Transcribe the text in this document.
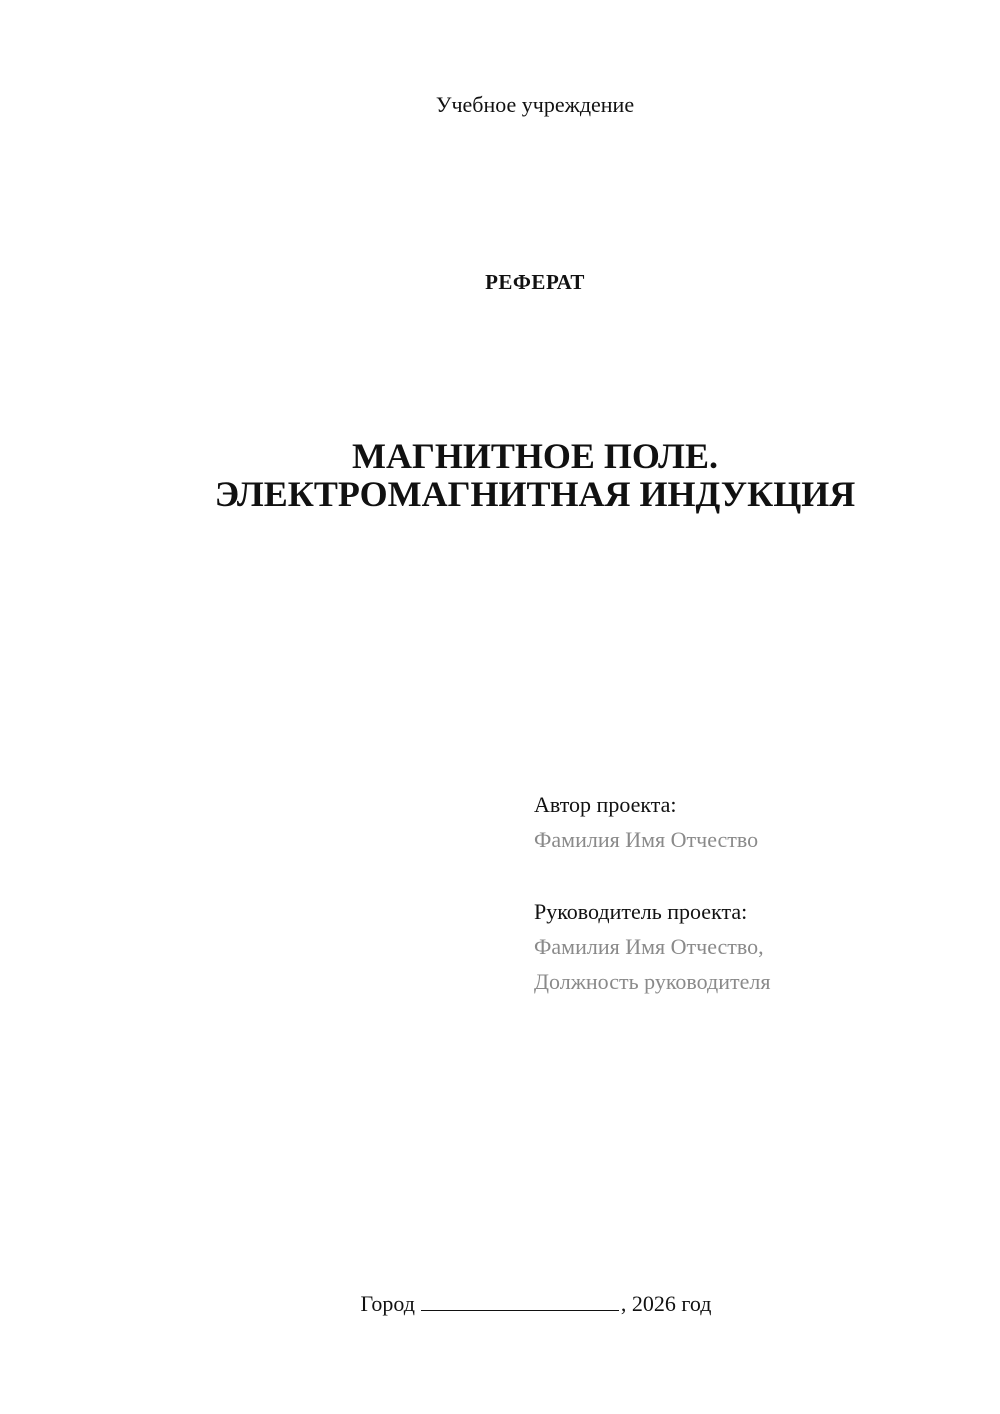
Учебное учреждение
РЕФЕРАТ
МАГНИТНОЕ ПОЛЕ.
ЭЛЕКТРОМАГНИТНАЯ ИНДУКЦИЯ
Автор проекта:
Фамилия Имя Отчество
Руководитель проекта:
Фамилия Имя Отчество,
Должность руководителя
Город	, 2026 год
